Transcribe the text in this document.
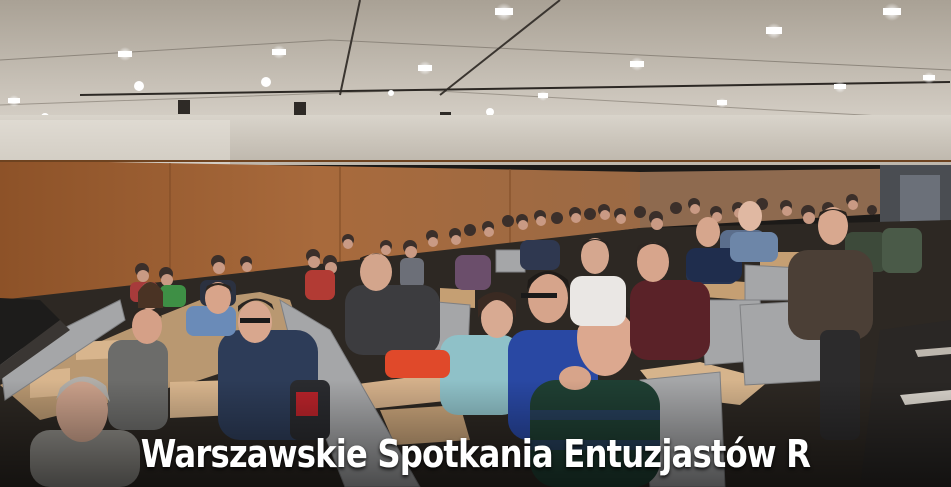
Warszawskie Spotkania Entuzjastów R
